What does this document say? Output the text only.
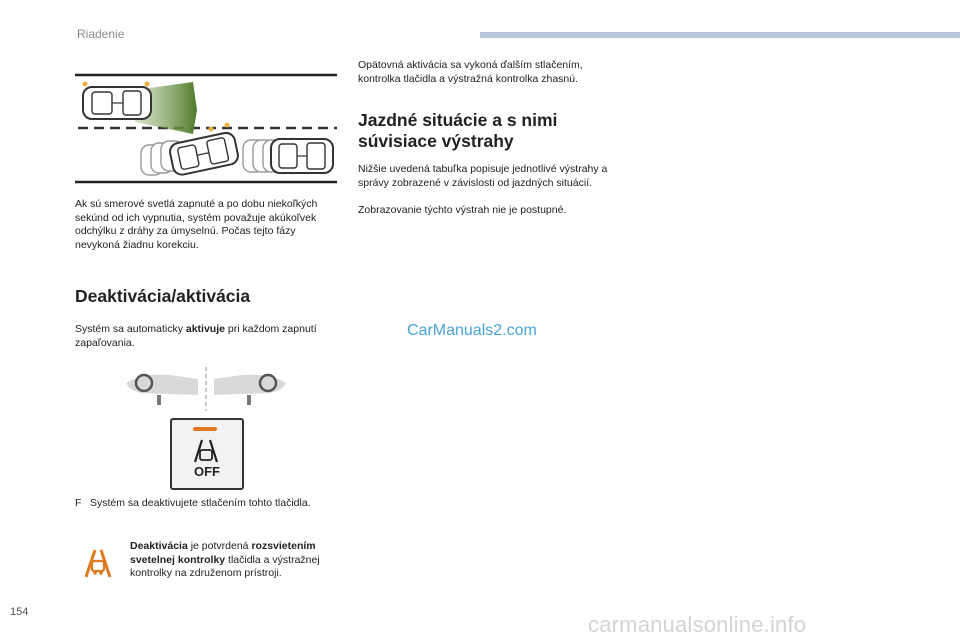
Riadenie
Ak sú smerové svetlá zapnuté a po dobu niekoľkých sekúnd od ich vypnutia, systém považuje akúkoľvek odchýlku z dráhy za úmyselnú. Počas tejto fázy nevykoná žiadnu korekciu.
Deaktivácia/aktivácia
Systém sa automaticky aktivuje pri každom zapnutí zapaľovania.
OFF
F Systém sa deaktivujete stlačením tohto tlačidla.
Deaktivácia je potvrdená rozsvietením svetelnej kontrolky tlačidla a výstražnej kontrolky na združenom prístroji.
Opätovná aktivácia sa vykoná ďalším stlačením, kontrolka tlačidla a výstražná kontrolka zhasnú.
Jazdné situácie a s nimi súvisiace výstrahy
Nižšie uvedená tabuľka popisuje jednotlivé výstrahy a správy zobrazené v závislosti od jazdných situácií.
Zobrazovanie týchto výstrah nie je postupné.
CarManuals2.com
154	carmanualsonline.info
